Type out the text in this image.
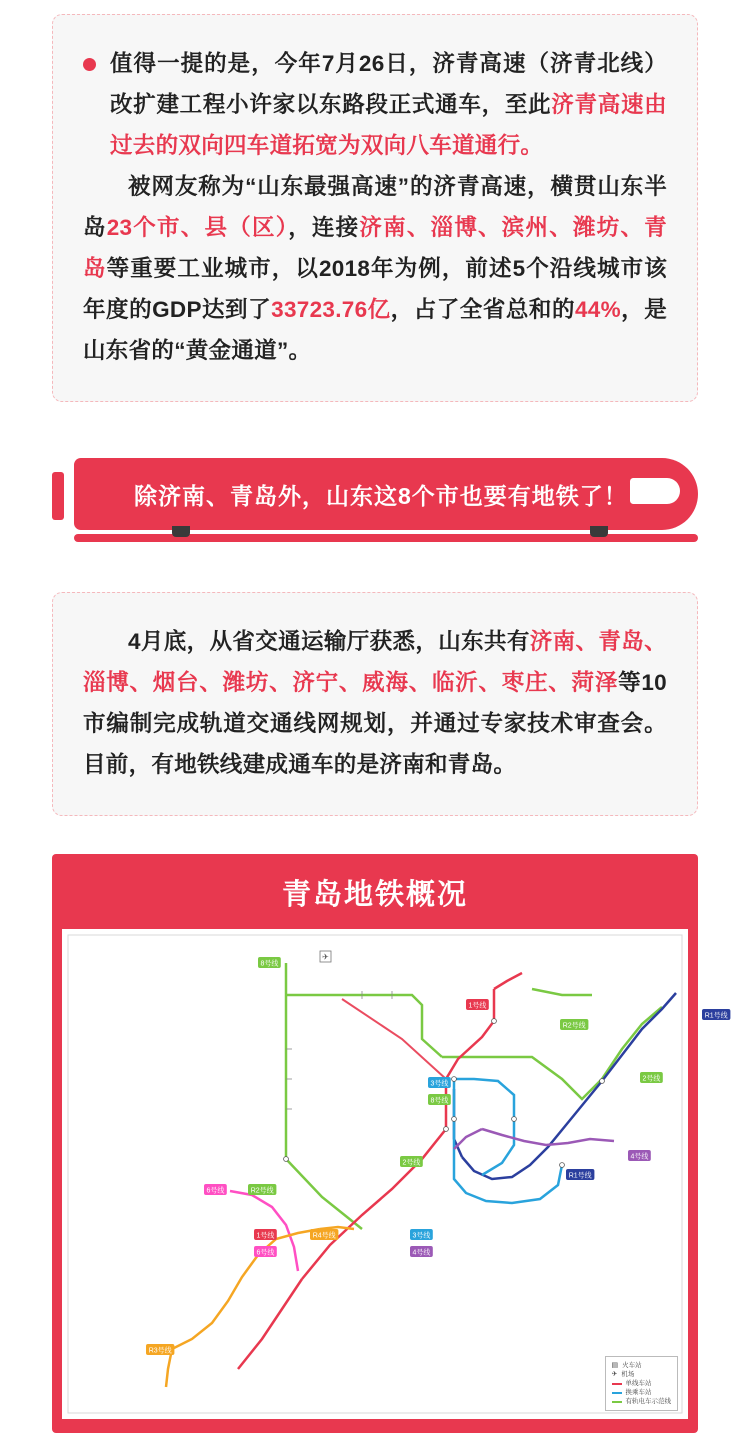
值得一提的是，今年7月26日，济青高速（济青北线）改扩建工程小许家以东路段正式通车，至此济青高速由过去的双向四车道拓宽为双向八车道通行。
被网友称为“山东最强高速”的济青高速，横贯山东半岛23个市、县（区），连接济南、淄博、滨州、潍坊、青岛等重要工业城市，以2018年为例，前述5个沿线城市该年度的GDP达到了33723.76亿，占了全省总和的44%，是山东省的“黄金通道”。
除济南、青岛外，山东这8个市也要有地铁了！
4月底，从省交通运输厅获悉，山东共有济南、青岛、淄博、烟台、潍坊、济宁、威海、临沂、枣庄、菏泽等10市编制完成轨道交通线网规划，并通过专家技术审查会。目前，有地铁线建成通车的是济南和青岛。
青岛地铁概况
✈
8号线
1号线
R2号线
R1号线
3号线
8号线
2号线
2号线
4号线
R1号线
6号线	R2号线
1号线
6号线
R4号线	3号线
4号线
R3号线
▤ 火车站
✈ 机场
单线车站
换乘车站
有轨电车示范线
